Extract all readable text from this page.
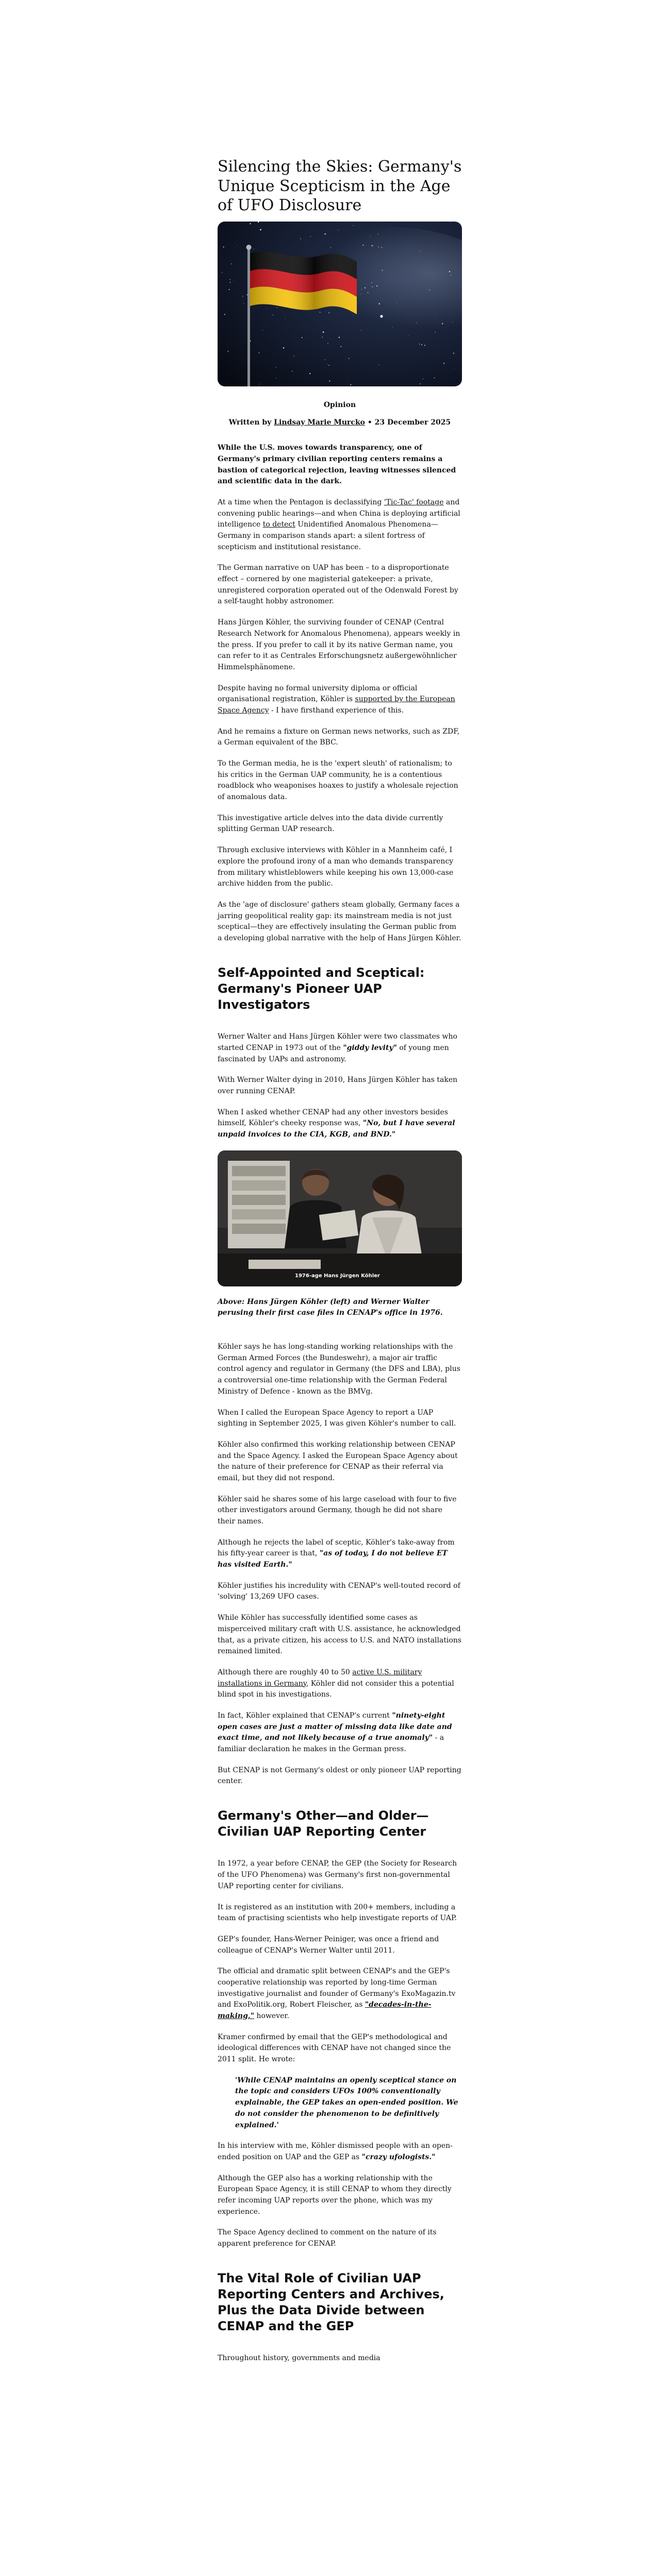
Silencing the Skies: Germany's Unique Scepticism in the Age of UFO Disclosure
Opinion
Written by Lindsay Marie Murcko • 23 December 2025

While the U.S. moves towards transparency, one of Germany's primary civilian reporting centers remains a bastion of categorical rejection, leaving witnesses silenced and scientific data in the dark.

At a time when the Pentagon is declassifying 'Tic-Tac' footage and convening public hearings—and when China is deploying artificial intelligence to detect Unidentified Anomalous Phenomena—Germany in comparison stands apart: a silent fortress of scepticism and institutional resistance.

The German narrative on UAP has been – to a disproportionate effect – cornered by one magisterial gatekeeper: a private, unregistered corporation operated out of the Odenwald Forest by a self-taught hobby astronomer.

Hans Jürgen Köhler, the surviving founder of CENAP (Central Research Network for Anomalous Phenomena), appears weekly in the press. If you prefer to call it by its native German name, you can refer to it as Centrales Erforschungsnetz außergewöhnlicher Himmelsphänomene.

Despite having no formal university diploma or official organisational registration, Köhler is supported by the European Space Agency - I have firsthand experience of this.

And he remains a fixture on German news networks, such as ZDF, a German equivalent of the BBC.

To the German media, he is the 'expert sleuth' of rationalism; to his critics in the German UAP community, he is a contentious roadblock who weaponises hoaxes to justify a wholesale rejection of anomalous data.

This investigative article delves into the data divide currently splitting German UAP research.

Through exclusive interviews with Köhler in a Mannheim café, I explore the profound irony of a man who demands transparency from military whistleblowers while keeping his own 13,000-case archive hidden from the public.

As the 'age of disclosure' gathers steam globally, Germany faces a jarring geopolitical reality gap: its mainstream media is not just sceptical—they are effectively insulating the German public from a developing global narrative with the help of Hans Jürgen Köhler.

Self-Appointed and Sceptical: Germany's Pioneer UAP Investigators

Werner Walter and Hans Jürgen Köhler were two classmates who started CENAP in 1973 out of the "giddy levity" of young men fascinated by UAPs and astronomy.

With Werner Walter dying in 2010, Hans Jürgen Köhler has taken over running CENAP.

When I asked whether CENAP had any other investors besides himself, Köhler's cheeky response was, "No, but I have several unpaid invoices to the CIA, KGB, and BND."

1976-age Hans Jürgen Köhler

Above: Hans Jürgen Köhler (left) and Werner Walter perusing their first case files in CENAP's office in 1976.

Köhler says he has long-standing working relationships with the German Armed Forces (the Bundeswehr), a major air traffic control agency and regulator in Germany (the DFS and LBA), plus a controversial one-time relationship with the German Federal Ministry of Defence - known as the BMVg.

When I called the European Space Agency to report a UAP sighting in September 2025, I was given Köhler's number to call.

Köhler also confirmed this working relationship between CENAP and the Space Agency. I asked the European Space Agency about the nature of their preference for CENAP as their referral via email, but they did not respond.

Köhler said he shares some of his large caseload with four to five other investigators around Germany, though he did not share their names.

Although he rejects the label of sceptic, Köhler's take-away from his fifty-year career is that, "as of today, I do not believe ET has visited Earth."

Köhler justifies his incredulity with CENAP's well-touted record of 'solving' 13,269 UFO cases.

While Köhler has successfully identified some cases as misperceived military craft with U.S. assistance, he acknowledged that, as a private citizen, his access to U.S. and NATO installations remained limited.

Although there are roughly 40 to 50 active U.S. military installations in Germany, Köhler did not consider this a potential blind spot in his investigations.

In fact, Köhler explained that CENAP's current "ninety-eight open cases are just a matter of missing data like date and exact time, and not likely because of a true anomaly" - a familiar declaration he makes in the German press.

But CENAP is not Germany's oldest or only pioneer UAP reporting center.

Germany's Other—and Older—Civilian UAP Reporting Center

In 1972, a year before CENAP, the GEP (the Society for Research of the UFO Phenomena) was Germany's first non-governmental UAP reporting center for civilians.

It is registered as an institution with 200+ members, including a team of practising scientists who help investigate reports of UAP.

GEP's founder, Hans-Werner Peiniger, was once a friend and colleague of CENAP's Werner Walter until 2011.

The official and dramatic split between CENAP's and the GEP's cooperative relationship was reported by long-time German investigative journalist and founder of Germany's ExoMagazin.tv and ExoPolitik.org, Robert Fleischer, as "decades-in-the-making," however.

Kramer confirmed by email that the GEP's methodological and ideological differences with CENAP have not changed since the 2011 split. He wrote:

'While CENAP maintains an openly sceptical stance on the topic and considers UFOs 100% conventionally explainable, the GEP takes an open-ended position. We do not consider the phenomenon to be definitively explained.'

In his interview with me, Köhler dismissed people with an open-ended position on UAP and the GEP as "crazy ufologists."

Although the GEP also has a working relationship with the European Space Agency, it is still CENAP to whom they directly refer incoming UAP reports over the phone, which was my experience.

The Space Agency declined to comment on the nature of its apparent preference for CENAP.

The Vital Role of Civilian UAP Reporting Centers and Archives, Plus the Data Divide between CENAP and the GEP

Throughout history, governments and media
